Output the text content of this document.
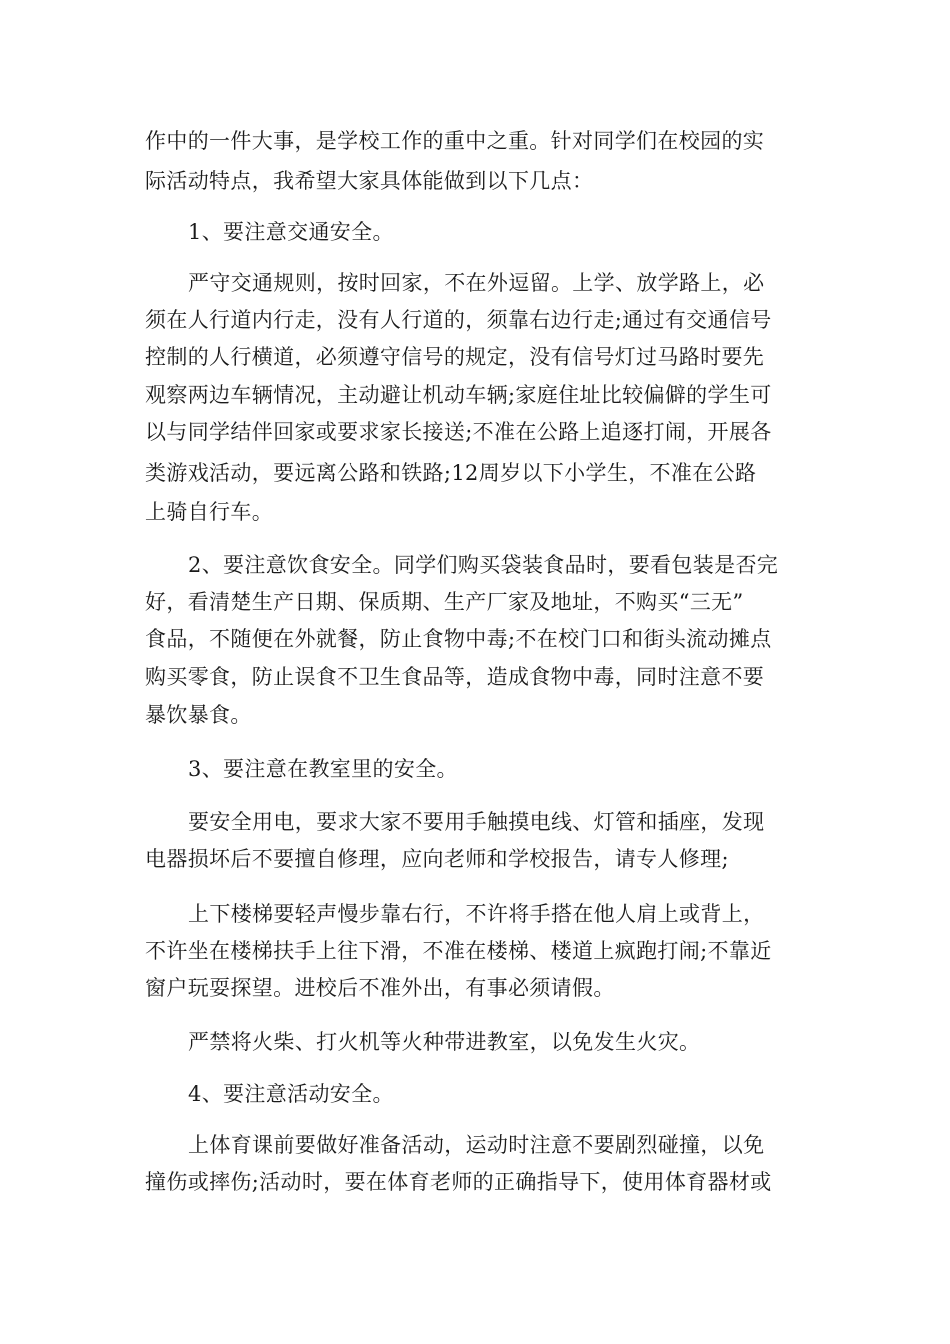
作中的一件大事，是学校工作的重中之重。针对同学们在校园的实
际活动特点，我希望大家具体能做到以下几点：
1、要注意交通安全。
严守交通规则，按时回家，不在外逗留。上学、放学路上，必
须在人行道内行走，没有人行道的，须靠右边行走;通过有交通信号
控制的人行横道，必须遵守信号的规定，没有信号灯过马路时要先
观察两边车辆情况，主动避让机动车辆;家庭住址比较偏僻的学生可
以与同学结伴回家或要求家长接送;不准在公路上追逐打闹，开展各
类游戏活动，要远离公路和铁路;12周岁以下小学生，不准在公路
上骑自行车。
2、要注意饮食安全。同学们购买袋装食品时，要看包装是否完
好，看清楚生产日期、保质期、生产厂家及地址，不购买“三无”
食品，不随便在外就餐，防止食物中毒;不在校门口和街头流动摊点
购买零食，防止误食不卫生食品等，造成食物中毒，同时注意不要
暴饮暴食。
3、要注意在教室里的安全。
要安全用电，要求大家不要用手触摸电线、灯管和插座，发现
电器损坏后不要擅自修理，应向老师和学校报告，请专人修理;
上下楼梯要轻声慢步靠右行，不许将手搭在他人肩上或背上，
不许坐在楼梯扶手上往下滑，不准在楼梯、楼道上疯跑打闹;不靠近
窗户玩耍探望。进校后不准外出，有事必须请假。
严禁将火柴、打火机等火种带进教室，以免发生火灾。
4、要注意活动安全。
上体育课前要做好准备活动，运动时注意不要剧烈碰撞，以免
撞伤或摔伤;活动时，要在体育老师的正确指导下，使用体育器材或
